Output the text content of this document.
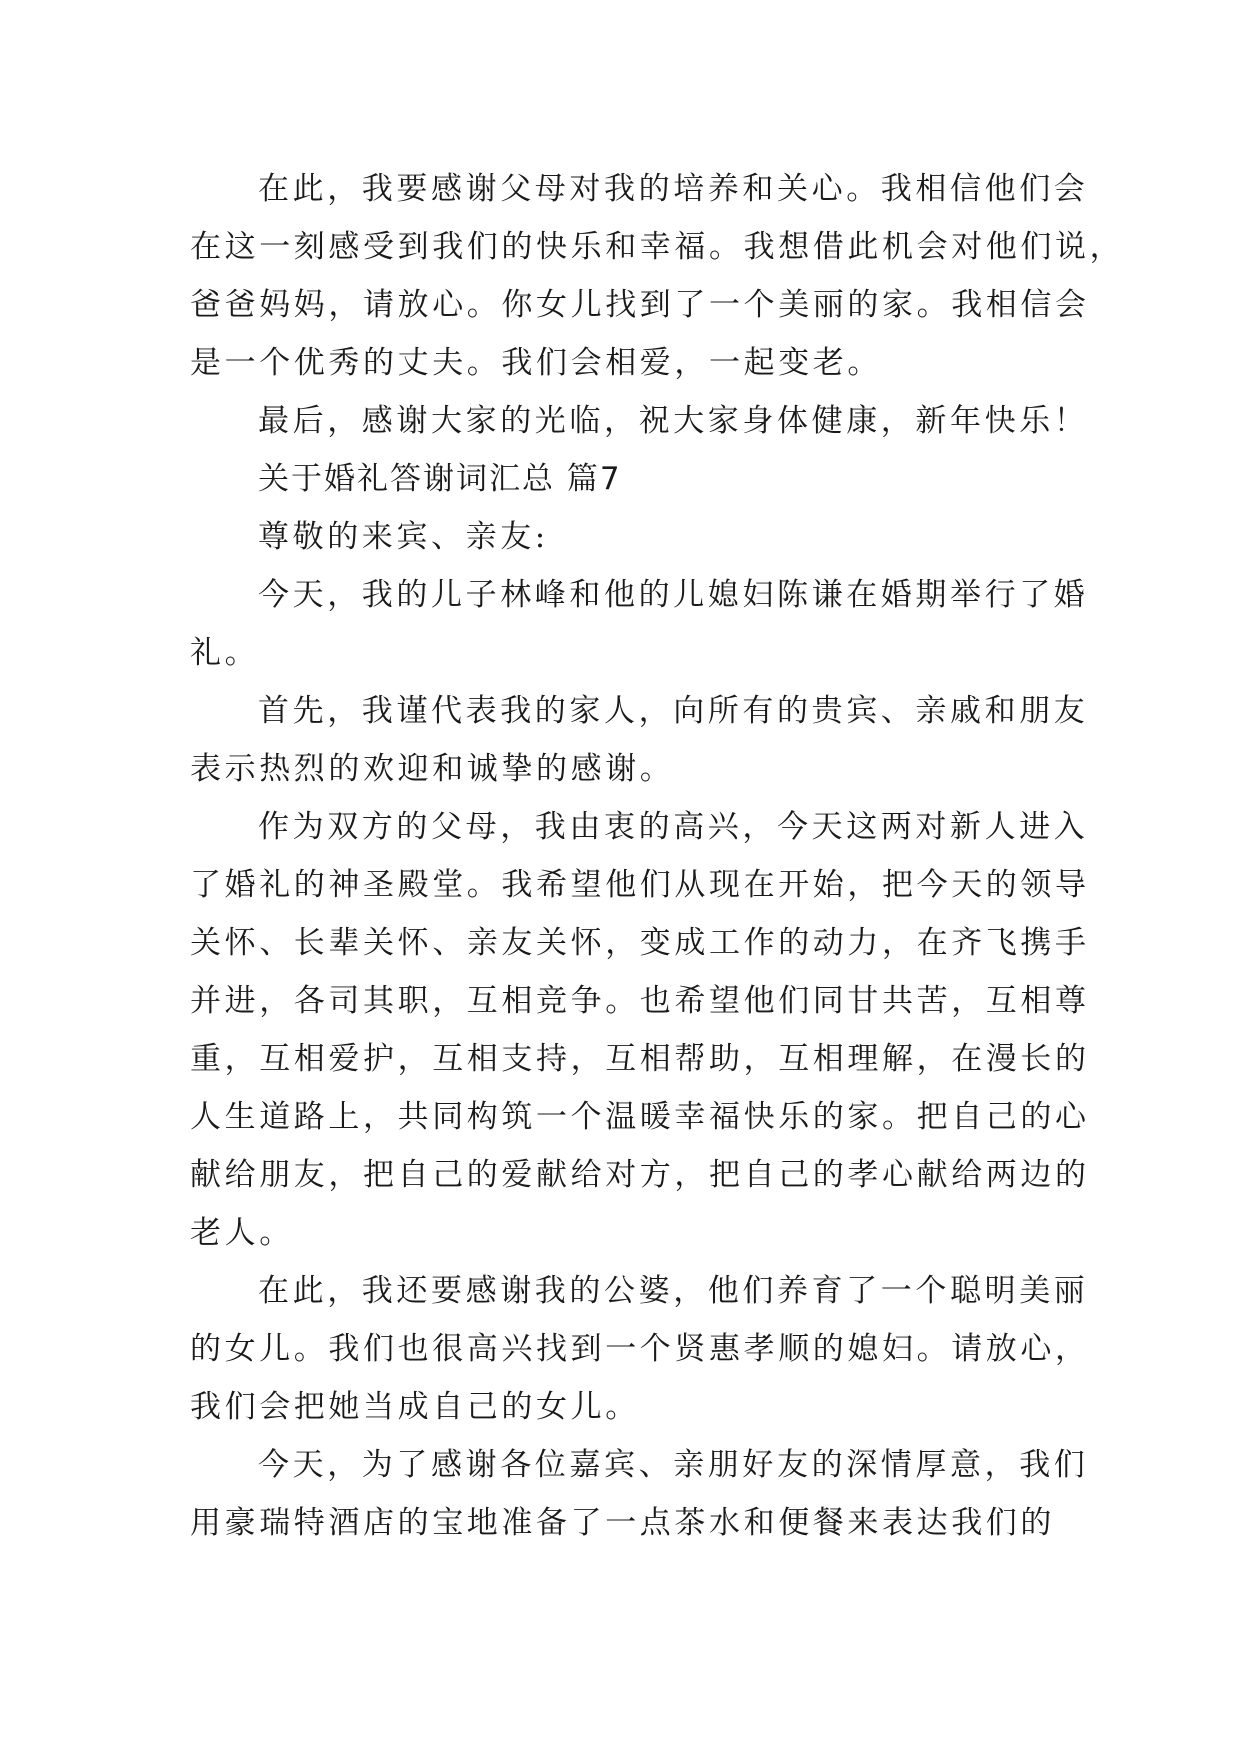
在此，我要感谢父母对我的培养和关心。我相信他们会

在这一刻感受到我们的快乐和幸福。我想借此机会对他们说，

爸爸妈妈，请放心。你女儿找到了一个美丽的家。我相信会

是一个优秀的丈夫。我们会相爱，一起变老。

最后，感谢大家的光临，祝大家身体健康，新年快乐！

关于婚礼答谢词汇总 篇7

尊敬的来宾、亲友:

今天，我的儿子林峰和他的儿媳妇陈谦在婚期举行了婚

礼。

首先，我谨代表我的家人，向所有的贵宾、亲戚和朋友

表示热烈的欢迎和诚挚的感谢。

作为双方的父母，我由衷的高兴，今天这两对新人进入

了婚礼的神圣殿堂。我希望他们从现在开始，把今天的领导

关怀、长辈关怀、亲友关怀，变成工作的动力，在齐飞携手

并进，各司其职，互相竞争。也希望他们同甘共苦，互相尊

重，互相爱护，互相支持，互相帮助，互相理解，在漫长的

人生道路上，共同构筑一个温暖幸福快乐的家。把自己的心

献给朋友，把自己的爱献给对方，把自己的孝心献给两边的

老人。

在此，我还要感谢我的公婆，他们养育了一个聪明美丽

的女儿。我们也很高兴找到一个贤惠孝顺的媳妇。请放心，

我们会把她当成自己的女儿。

今天，为了感谢各位嘉宾、亲朋好友的深情厚意，我们

用豪瑞特酒店的宝地准备了一点茶水和便餐来表达我们的
